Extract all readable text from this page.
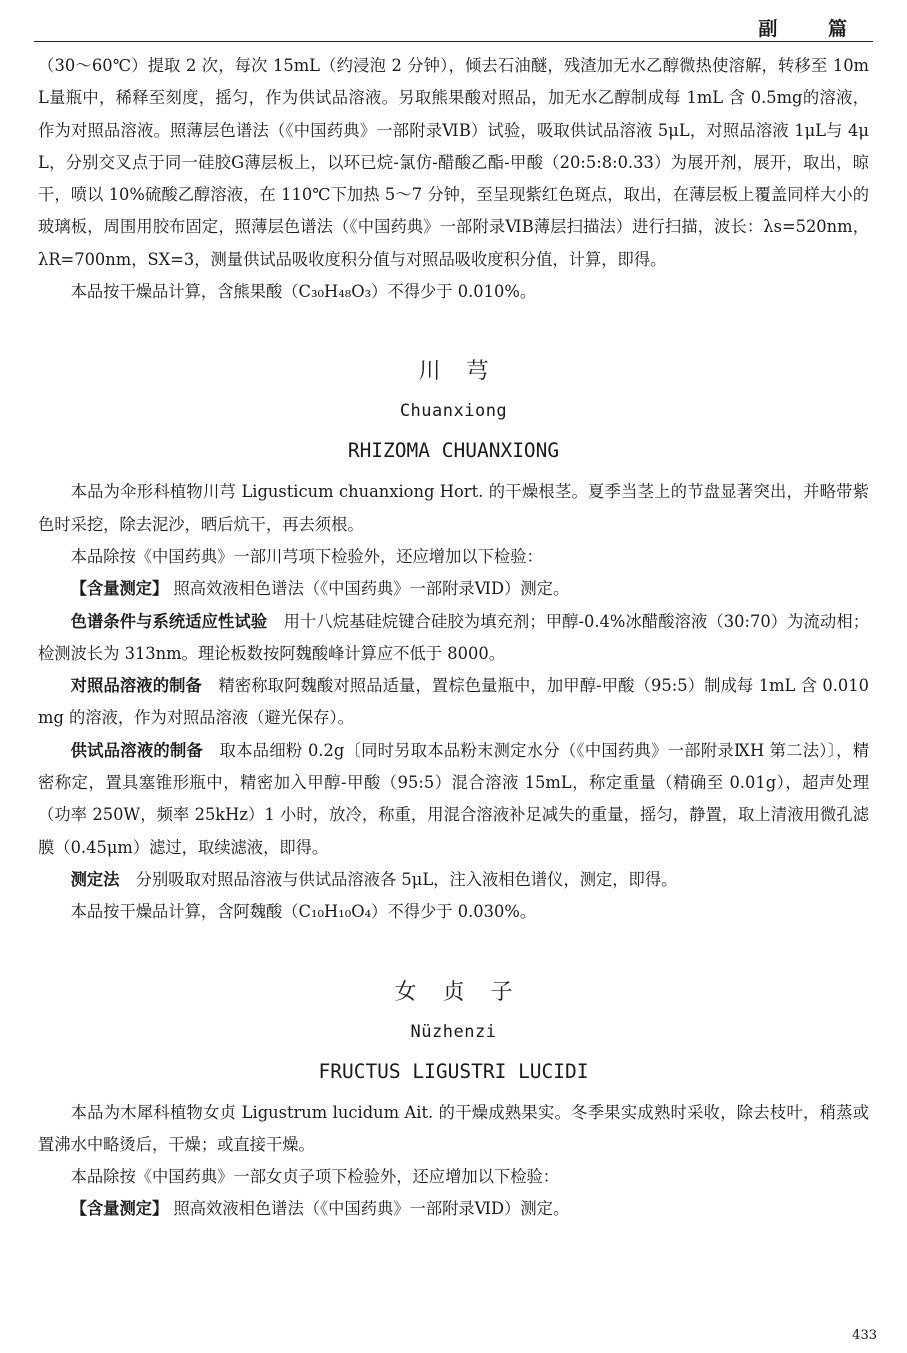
副 篇

（30～60℃）提取 2 次，每次 15mL（约浸泡 2 分钟），倾去石油醚，残渣加无水乙醇微热使溶解，转移至 10mL量瓶中，稀释至刻度，摇匀，作为供试品溶液。另取熊果酸对照品，加无水乙醇制成每 1mL 含 0.5mg的溶液，作为对照品溶液。照薄层色谱法（《中国药典》一部附录ⅥB）试验，吸取供试品溶液 5μL，对照品溶液 1μL与 4μL，分别交叉点于同一硅胶G薄层板上，以环已烷-氯仿-醋酸乙酯-甲酸（20:5:8:0.33）为展开剂，展开，取出，晾干，喷以 10%硫酸乙醇溶液，在 110℃下加热 5～7 分钟，至呈现紫红色斑点，取出，在薄层板上覆盖同样大小的玻璃板，周围用胶布固定，照薄层色谱法（《中国药典》一部附录ⅥB薄层扫描法）进行扫描，波长：λs=520nm，λR=700nm，SX=3，测量供试品吸收度积分值与对照品吸收度积分值，计算，即得。

本品按干燥品计算，含熊果酸（C₃₀H₄₈O₃）不得少于 0.010%。

川芎

Chuanxiong

RHIZOMA CHUANXIONG

本品为伞形科植物川芎 Ligusticum chuanxiong Hort. 的干燥根茎。夏季当茎上的节盘显著突出，并略带紫色时采挖，除去泥沙，晒后炕干，再去须根。

本品除按《中国药典》一部川芎项下检验外，还应增加以下检验：

【含量测定】 照高效液相色谱法（《中国药典》一部附录ⅥD）测定。

色谱条件与系统适应性试验　用十八烷基硅烷键合硅胶为填充剂；甲醇-0.4%冰醋酸溶液（30:70）为流动相；检测波长为 313nm。理论板数按阿魏酸峰计算应不低于 8000。

对照品溶液的制备　精密称取阿魏酸对照品适量，置棕色量瓶中，加甲醇-甲酸（95:5）制成每 1mL 含 0.010mg 的溶液，作为对照品溶液（避光保存）。

供试品溶液的制备　取本品细粉 0.2g〔同时另取本品粉末测定水分（《中国药典》一部附录ⅨH 第二法）〕，精密称定，置具塞锥形瓶中，精密加入甲醇-甲酸（95:5）混合溶液 15mL，称定重量（精确至 0.01g），超声处理（功率 250W，频率 25kHz）1 小时，放冷，称重，用混合溶液补足减失的重量，摇匀，静置，取上清液用微孔滤膜（0.45μm）滤过，取续滤液，即得。

测定法　分别吸取对照品溶液与供试品溶液各 5μL，注入液相色谱仪，测定，即得。

本品按干燥品计算，含阿魏酸（C₁₀H₁₀O₄）不得少于 0.030%。

女贞子

Nüzhenzi

FRUCTUS LIGUSTRI LUCIDI

本品为木犀科植物女贞 Ligustrum lucidum Ait. 的干燥成熟果实。冬季果实成熟时采收，除去枝叶，稍蒸或置沸水中略烫后，干燥；或直接干燥。

本品除按《中国药典》一部女贞子项下检验外，还应增加以下检验：

【含量测定】 照高效液相色谱法（《中国药典》一部附录ⅥD）测定。

433
